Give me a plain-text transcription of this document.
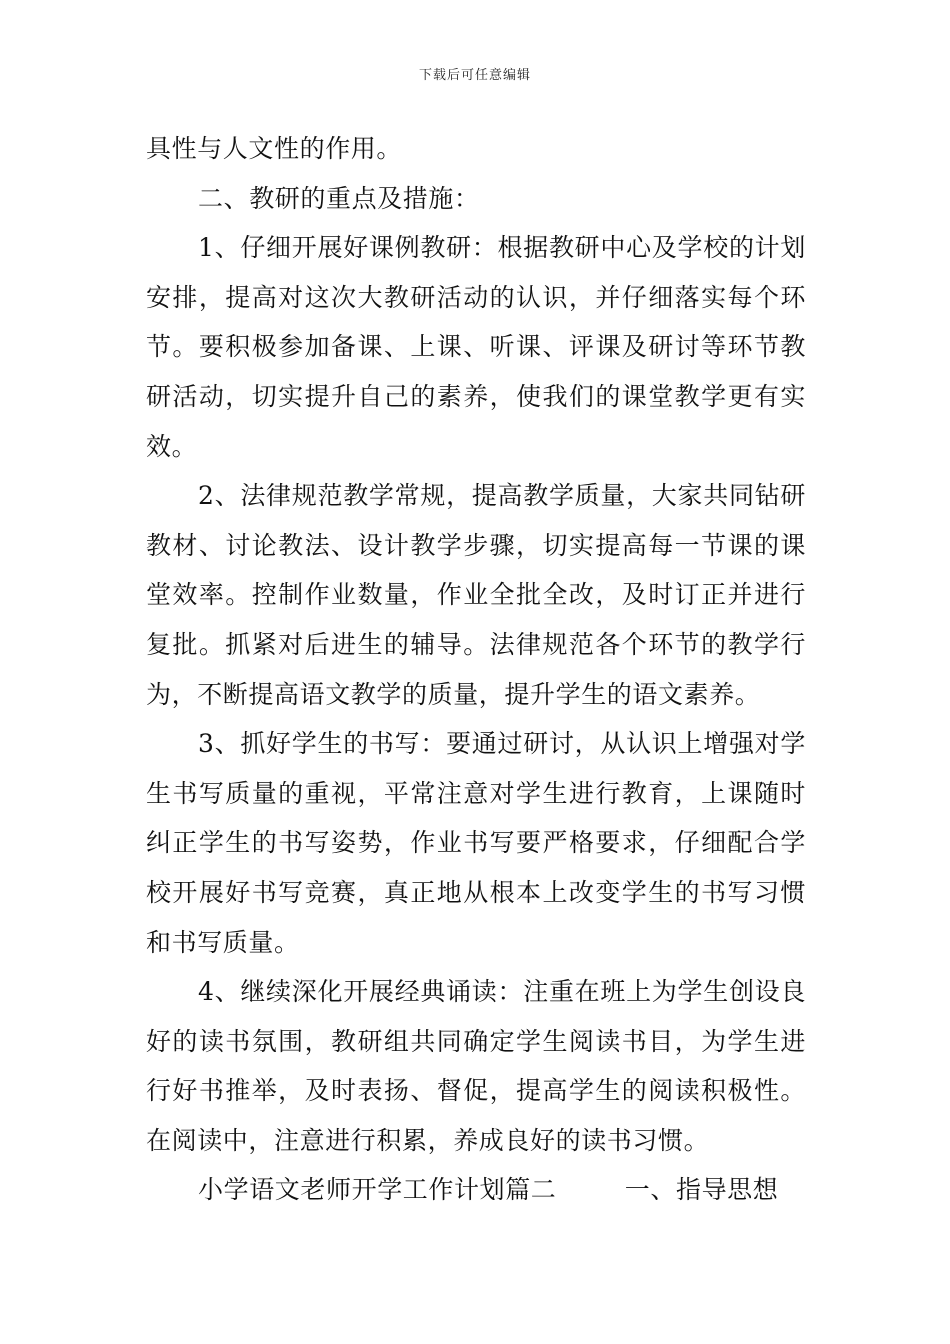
下载后可任意编辑

具性与人文性的作用。

二、教研的重点及措施：

1、仔细开展好课例教研：根据教研中心及学校的计划安排，提高对这次大教研活动的认识，并仔细落实每个环节。要积极参加备课、上课、听课、评课及研讨等环节教研活动，切实提升自己的素养，使我们的课堂教学更有实效。

2、法律规范教学常规，提高教学质量，大家共同钻研教材、讨论教法、设计教学步骤，切实提高每一节课的课堂效率。控制作业数量，作业全批全改，及时订正并进行复批。抓紧对后进生的辅导。法律规范各个环节的教学行为，不断提高语文教学的质量，提升学生的语文素养。

3、抓好学生的书写：要通过研讨，从认识上增强对学生书写质量的重视，平常注意对学生进行教育，上课随时纠正学生的书写姿势，作业书写要严格要求，仔细配合学校开展好书写竞赛，真正地从根本上改变学生的书写习惯和书写质量。

4、继续深化开展经典诵读：注重在班上为学生创设良好的读书氛围，教研组共同确定学生阅读书目，为学生进行好书推举，及时表扬、督促，提高学生的阅读积极性。在阅读中，注意进行积累，养成良好的读书习惯。

小学语文老师开学工作计划篇二	一、指导思想
